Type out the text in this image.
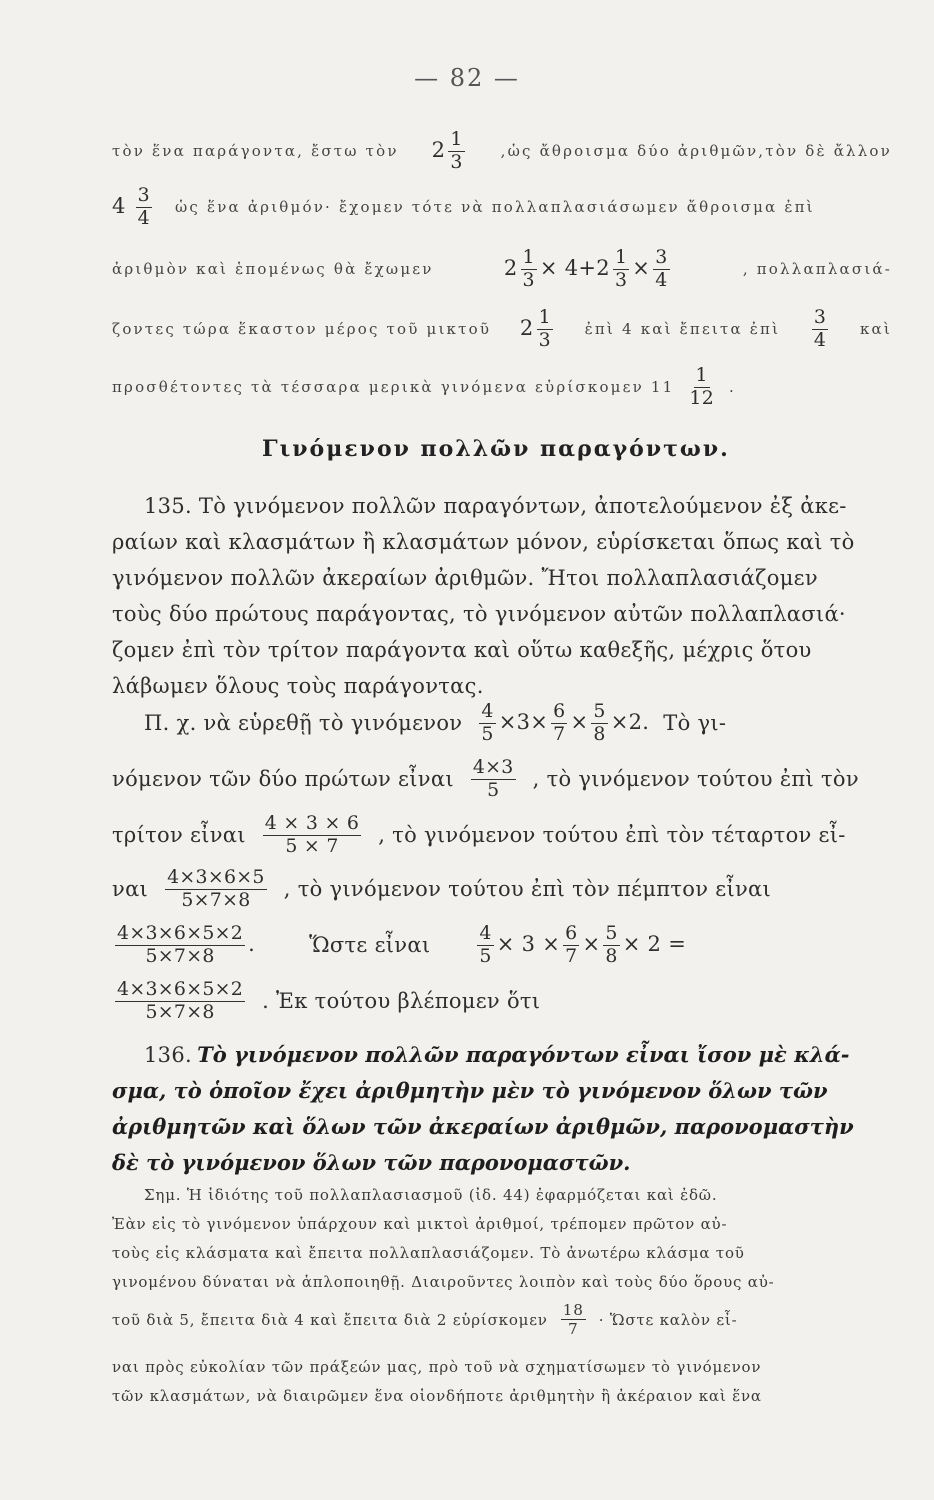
— 82 —
τὸν ἕνα παράγοντα, ἔστω τὸν $2 \frac{1}{3}$ ,ὡς ἄθροισμα δύο ἀριθμῶν,τὸν δὲ ἄλλον
$4 \frac{3}{4}$ ὡς ἕνα ἀριθμόν· ἔχομεν τότε νὰ πολλαπλασιάσωμεν ἄθροισμα ἐπὶ
ἀριθμὸν καὶ ἑπομένως θὰ ἔχωμεν	$2 \frac{1}{3} \times 4+2 \frac{1}{3} \times \frac{3}{4}$	, πολλαπλασιά-
ζοντες τώρα ἕκαστον μέρος τοῦ μικτοῦ $2 \frac{1}{3}$ ἐπὶ 4 καὶ ἔπειτα ἐπὶ $\frac{3}{4}$ καὶ
προσθέτοντες τὰ τέσσαρα μερικὰ γινόμενα εὑρίσκομεν $11 \frac{1}{12}$ .
Γινόμενον πολλῶν παραγόντων.
135. Τὸ γινόμενον πολλῶν παραγόντων, ἀποτελούμενον ἐξ ἀκε-
ραίων καὶ κλασμάτων ἢ κλασμάτων μόνον, εὑρίσκεται ὅπως καὶ τὸ
γινόμενον πολλῶν ἀκεραίων ἀριθμῶν. Ἤτοι πολλαπλασιάζομεν
τοὺς δύο πρώτους παράγοντας, τὸ γινόμενον αὐτῶν πολλαπλασιά·
ζομεν ἐπὶ τὸν τρίτον παράγοντα καὶ οὕτω καθεξῆς, μέχρις ὅτου
λάβωμεν ὅλους τοὺς παράγοντας.
Π. χ. νὰ εὑρεθῇ τὸ γινόμενον $\frac{4}{5} \times 3\times \frac{6}{7} \times \frac{5}{8} \times 2$. Τὸ γι-
νόμενον τῶν δύο πρώτων εἶναι $\frac{4\times 3}{5}$ , τὸ γινόμενον τούτου ἐπὶ τὸν
τρίτον εἶναι $\frac{4 \times 3 \times 6}{5 \times 7}$ , τὸ γινόμενον τούτου ἐπὶ τὸν τέταρτον εἶ-
ναι $\frac{4\times 3\times 6\times 5}{5\times 7\times 8}$ , τὸ γινόμενον τούτου ἐπὶ τὸν πέμπτον εἶναι
$\frac{4\times 3\times 6\times 5\times 2}{5\times 7\times 8}$ .	Ὥστε εἶναι $\frac{4}{5} \times 3 \times \frac{6}{7} \times \frac{5}{8} \times 2$ =
$\frac{4\times 3\times 6\times 5\times 2}{5\times 7\times 8}$ . Ἐκ τούτου βλέπομεν ὅτι
136. Τὸ γινόμενον πολλῶν παραγόντων εἶναι ἴσον μὲ κλά-
σμα, τὸ ὁποῖον ἔχει ἀριθμητὴν μὲν τὸ γινόμενον ὅλων τῶν
ἀριθμητῶν καὶ ὅλων τῶν ἀκεραίων ἀριθμῶν, παρονομαστὴν
δὲ τὸ γινόμενον ὅλων τῶν παρονομαστῶν.
Σημ. Ἡ ἰδιότης τοῦ πολλαπλασιασμοῦ (ἰδ. 44) ἐφαρμόζεται καὶ ἐδῶ.
Ἐὰν εἰς τὸ γινόμενον ὑπάρχουν καὶ μικτοὶ ἀριθμοί, τρέπομεν πρῶτον αὐ-
τοὺς εἰς κλάσματα καὶ ἔπειτα πολλαπλασιάζομεν. Τὸ ἀνωτέρω κλάσμα τοῦ
γινομένου δύναται νὰ ἁπλοποιηθῇ. Διαιροῦντες λοιπὸν καὶ τοὺς δύο ὅρους αὐ-
τοῦ διὰ 5, ἔπειτα διὰ 4 καὶ ἔπειτα διὰ 2 εὑρίσκομεν $\frac{18}{7}$ · Ὥστε καλὸν εἶ-
ναι πρὸς εὐκολίαν τῶν πράξεών μας, πρὸ τοῦ νὰ σχηματίσωμεν τὸ γινόμενον
τῶν κλασμάτων, νὰ διαιρῶμεν ἕνα οἱονδήποτε ἀριθμητὴν ἢ ἀκέραιον καὶ ἕνα
